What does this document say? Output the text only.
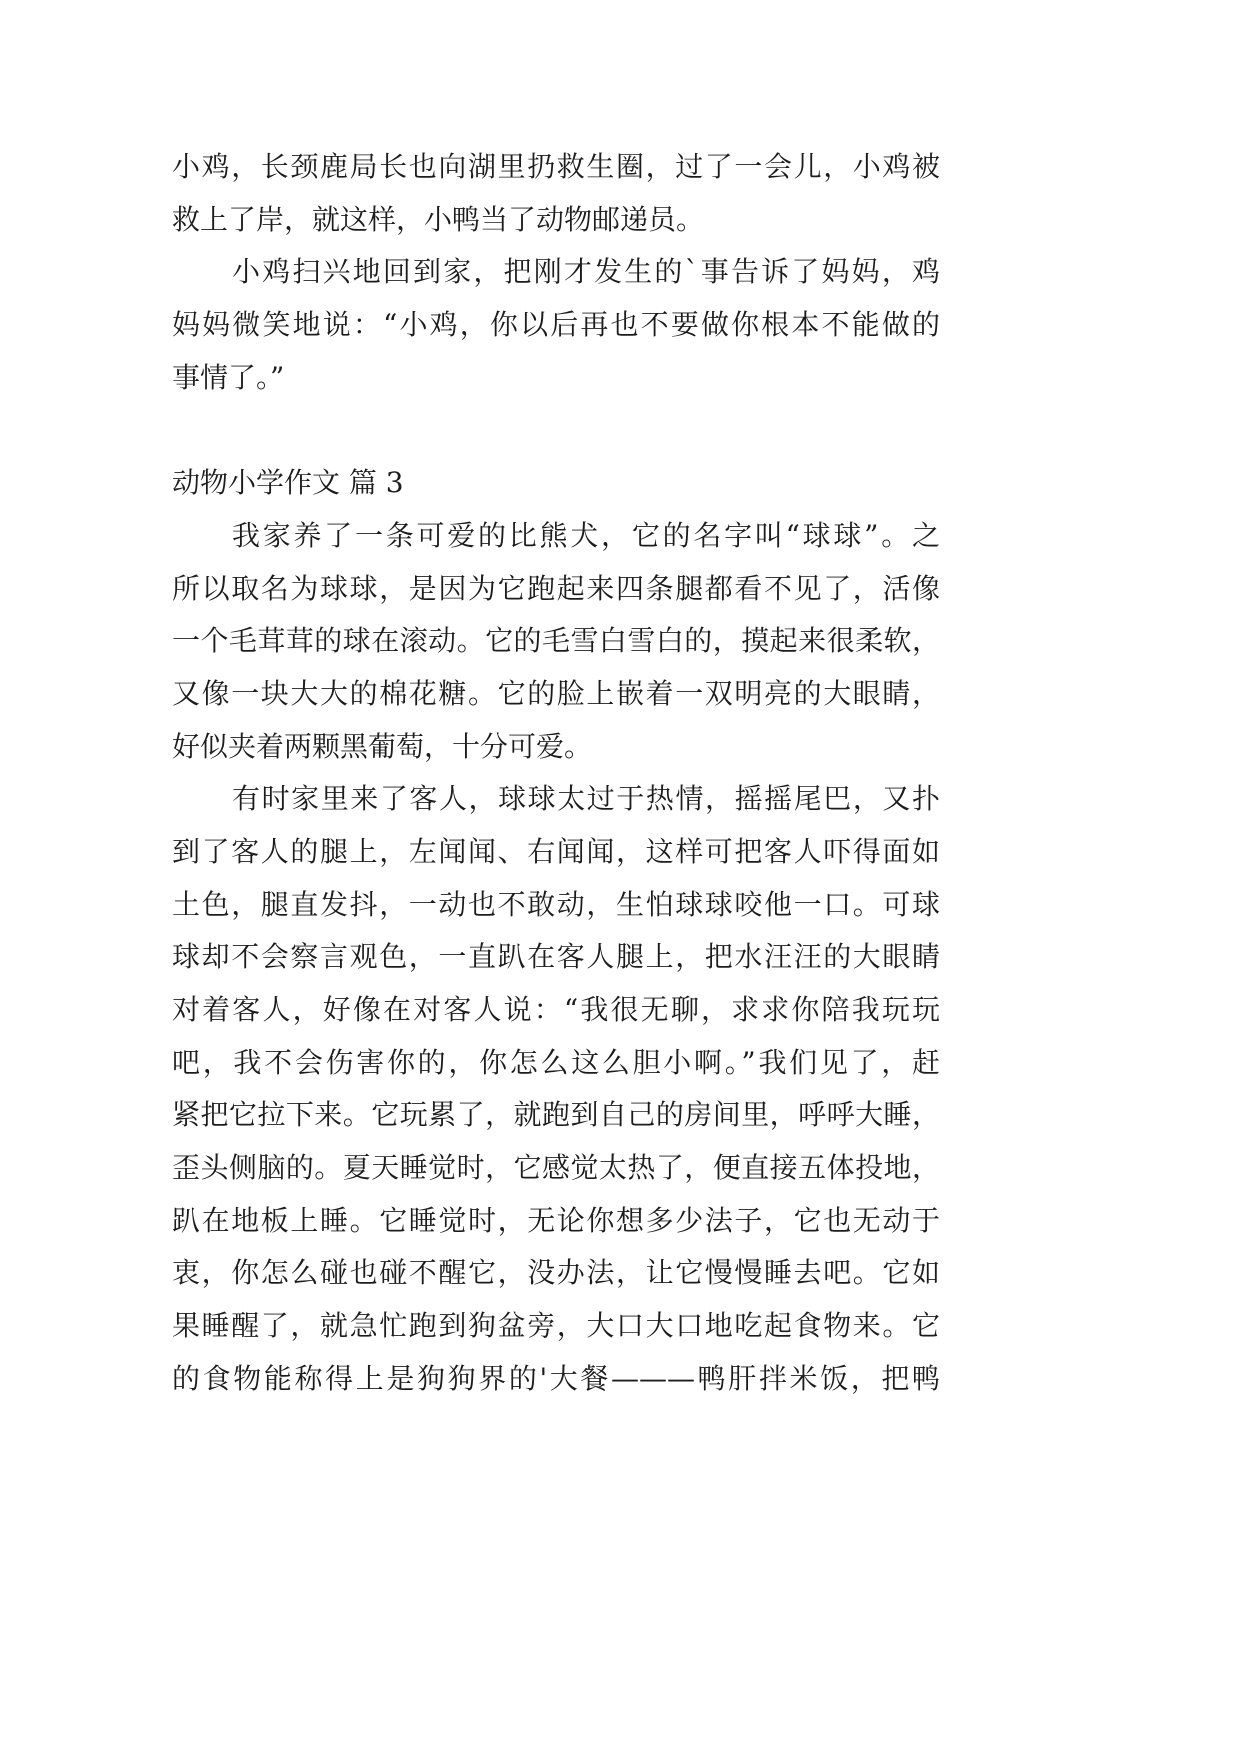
小鸡，长颈鹿局长也向湖里扔救生圈，过了一会儿，小鸡被
救上了岸，就这样，小鸭当了动物邮递员。
小鸡扫兴地回到家，把刚才发生的`事告诉了妈妈，鸡
妈妈微笑地说：“小鸡，你以后再也不要做你根本不能做的
事情了。”
动物小学作文 篇 3
我家养了一条可爱的比熊犬，它的名字叫“球球”。之
所以取名为球球，是因为它跑起来四条腿都看不见了，活像
一个毛茸茸的球在滚动。它的毛雪白雪白的，摸起来很柔软，
又像一块大大的棉花糖。它的脸上嵌着一双明亮的大眼睛，
好似夹着两颗黑葡萄，十分可爱。
有时家里来了客人，球球太过于热情，摇摇尾巴，又扑
到了客人的腿上，左闻闻、右闻闻，这样可把客人吓得面如
土色，腿直发抖，一动也不敢动，生怕球球咬他一口。可球
球却不会察言观色，一直趴在客人腿上，把水汪汪的大眼睛
对着客人，好像在对客人说：“我很无聊，求求你陪我玩玩
吧，我不会伤害你的，你怎么这么胆小啊。”我们见了，赶
紧把它拉下来。它玩累了，就跑到自己的房间里，呼呼大睡，
歪头侧脑的。夏天睡觉时，它感觉太热了，便直接五体投地，
趴在地板上睡。它睡觉时，无论你想多少法子，它也无动于
衷，你怎么碰也碰不醒它，没办法，让它慢慢睡去吧。它如
果睡醒了，就急忙跑到狗盆旁，大口大口地吃起食物来。它
的食物能称得上是狗狗界的'大餐———鸭肝拌米饭，把鸭
